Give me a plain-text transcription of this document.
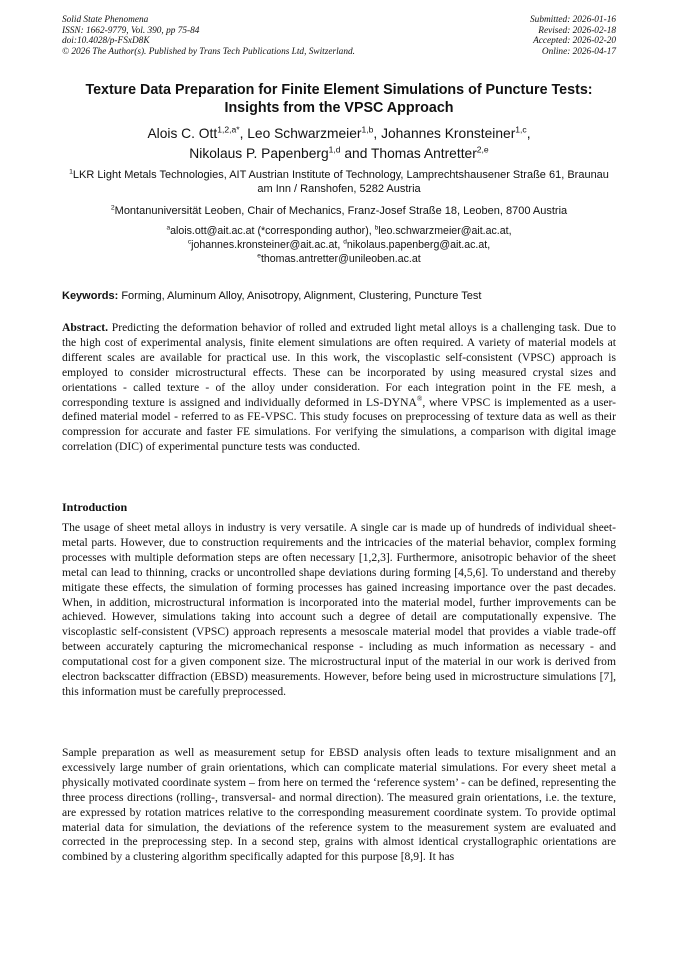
Solid State Phenomena
ISSN: 1662-9779, Vol. 390, pp 75-84
doi:10.4028/p-FSxD8K
© 2026 The Author(s). Published by Trans Tech Publications Ltd, Switzerland.
Submitted: 2026-01-16
Revised: 2026-02-18
Accepted: 2026-02-20
Online: 2026-04-17
Texture Data Preparation for Finite Element Simulations of Puncture Tests: Insights from the VPSC Approach
Alois C. Ott$^{1,2,a*}$, Leo Schwarzmeier$^{1,b}$, Johannes Kronsteiner$^{1,c}$,
Nikolaus P. Papenberg$^{1,d}$ and Thomas Antretter$^{2,e}$
$^1$LKR Light Metals Technologies, AIT Austrian Institute of Technology, Lamprechtshausener Straße 61, Braunau am Inn / Ranshofen, 5282 Austria
$^2$Montanuniversität Leoben, Chair of Mechanics, Franz-Josef Straße 18, Leoben, 8700 Austria
$^a$alois.ott@ait.ac.at (*corresponding author), $^b$leo.schwarzmeier@ait.ac.at,
$^c$johannes.kronsteiner@ait.ac.at, $^d$nikolaus.papenberg@ait.ac.at,
$^e$thomas.antretter@unileoben.ac.at
Keywords: Forming, Aluminum Alloy, Anisotropy, Alignment, Clustering, Puncture Test

Abstract. Predicting the deformation behavior of rolled and extruded light metal alloys is a challenging task. Due to the high cost of experimental analysis, finite element simulations are often required. A variety of material models at different scales are available for practical use. In this work, the viscoplastic self-consistent (VPSC) approach is employed to consider microstructural effects. These can be incorporated by using measured crystal sizes and orientations - called texture - of the alloy under consideration. For each integration point in the FE mesh, a corresponding texture is assigned and individually deformed in LS-DYNA®, where VPSC is implemented as a user-defined material model - referred to as FE-VPSC. This study focuses on preprocessing of texture data as well as their compression for accurate and faster FE simulations. For verifying the simulations, a comparison with digital image correlation (DIC) of experimental puncture tests was conducted.

Introduction

The usage of sheet metal alloys in industry is very versatile. A single car is made up of hundreds of individual sheet-metal parts. However, due to construction requirements and the intricacies of the material behavior, complex forming processes with multiple deformation steps are often necessary [1,2,3]. Furthermore, anisotropic behavior of the sheet metal can lead to thinning, cracks or uncontrolled shape deviations during forming [4,5,6]. To understand and thereby mitigate these effects, the simulation of forming processes has gained increasing importance over the past decades. When, in addition, microstructural information is incorporated into the material model, further improvements can be achieved. However, simulations taking into account such a degree of detail are computationally expensive. The viscoplastic self-consistent (VPSC) approach represents a mesoscale material model that provides a viable trade-off between accurately capturing the micromechanical response - including as much information as necessary - and computational cost for a given component size. The microstructural input of the material in our work is derived from electron backscatter diffraction (EBSD) measurements. However, before being used in microstructure simulations [7], this information must be carefully preprocessed.

Sample preparation as well as measurement setup for EBSD analysis often leads to texture misalignment and an excessively large number of grain orientations, which can complicate material simulations. For every sheet metal a physically motivated coordinate system – from here on termed the ‘reference system’ - can be defined, representing the three process directions (rolling-, transversal- and normal direction). The measured grain orientations, i.e. the texture, are expressed by rotation matrices relative to the corresponding measurement coordinate system. To provide optimal material data for simulation, the deviations of the reference system to the measurement system are evaluated and corrected in the preprocessing step. In a second step, grains with almost identical crystallographic orientations are combined by a clustering algorithm specifically adapted for this purpose [8,9]. It has
